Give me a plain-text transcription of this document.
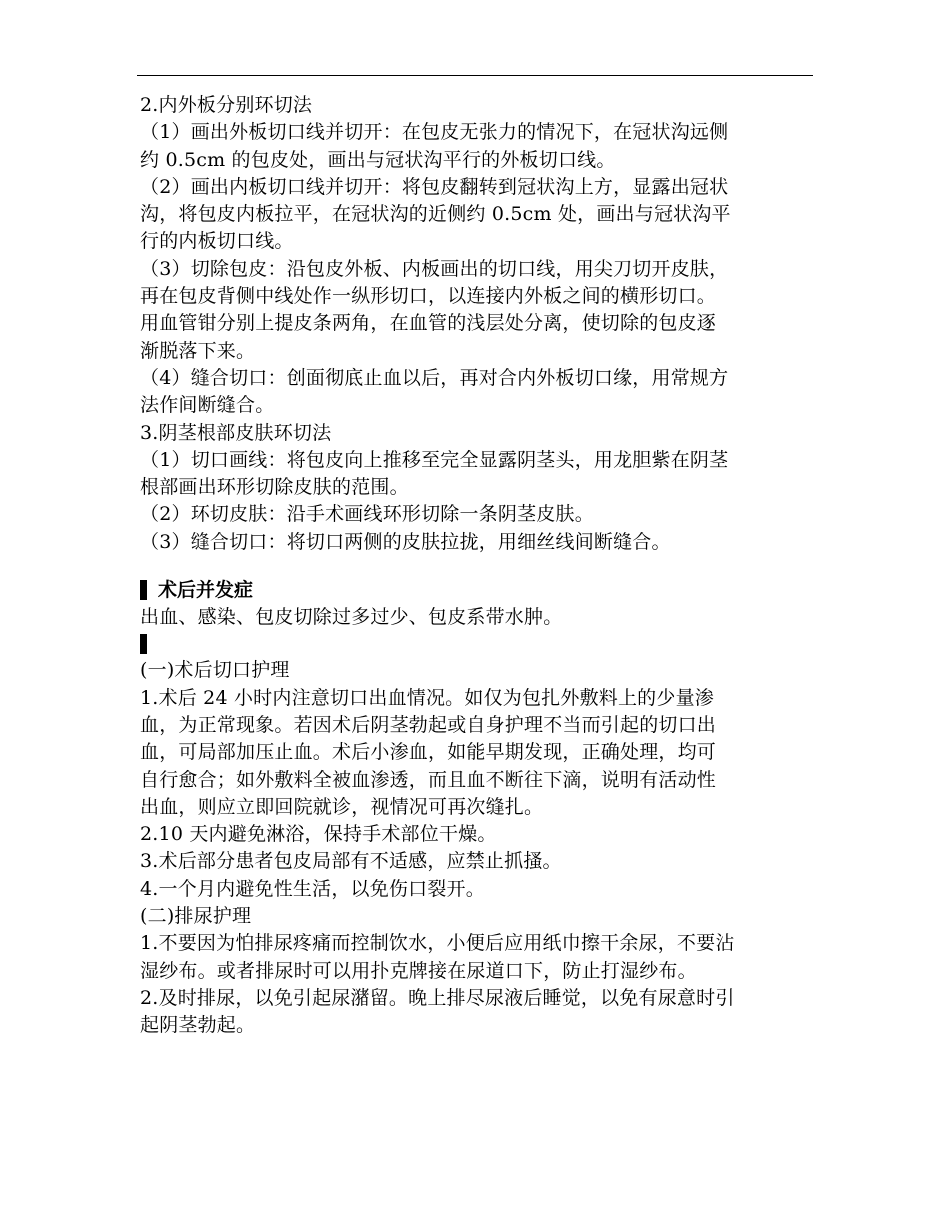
2.内外板分别环切法
（1）画出外板切口线并切开：在包皮无张力的情况下，在冠状沟远侧
约 0.5cm 的包皮处，画出与冠状沟平行的外板切口线。
（2）画出内板切口线并切开：将包皮翻转到冠状沟上方，显露出冠状
沟，将包皮内板拉平，在冠状沟的近侧约 0.5cm 处，画出与冠状沟平
行的内板切口线。
（3）切除包皮：沿包皮外板、内板画出的切口线，用尖刀切开皮肤，
再在包皮背侧中线处作一纵形切口，以连接内外板之间的横形切口。
用血管钳分别上提皮条两角，在血管的浅层处分离，使切除的包皮逐
渐脱落下来。
（4）缝合切口：创面彻底止血以后，再对合内外板切口缘，用常规方
法作间断缝合。
3.阴茎根部皮肤环切法
（1）切口画线：将包皮向上推移至完全显露阴茎头，用龙胆紫在阴茎
根部画出环形切除皮肤的范围。
（2）环切皮肤：沿手术画线环形切除一条阴茎皮肤。
（3）缝合切口：将切口两侧的皮肤拉拢，用细丝线间断缝合。
术后并发症
出血、感染、包皮切除过多过少、包皮系带水肿。
(一)术后切口护理
1.术后 24 小时内注意切口出血情况。如仅为包扎外敷料上的少量渗
血，为正常现象。若因术后阴茎勃起或自身护理不当而引起的切口出
血，可局部加压止血。术后小渗血，如能早期发现，正确处理，均可
自行愈合；如外敷料全被血渗透，而且血不断往下滴，说明有活动性
出血，则应立即回院就诊，视情况可再次缝扎。
2.10 天内避免淋浴，保持手术部位干燥。
3.术后部分患者包皮局部有不适感，应禁止抓搔。
4.一个月内避免性生活，以免伤口裂开。
(二)排尿护理
1.不要因为怕排尿疼痛而控制饮水，小便后应用纸巾擦干余尿，不要沾
湿纱布。或者排尿时可以用扑克牌接在尿道口下，防止打湿纱布。
2.及时排尿，以免引起尿潴留。晚上排尽尿液后睡觉，以免有尿意时引
起阴茎勃起。
